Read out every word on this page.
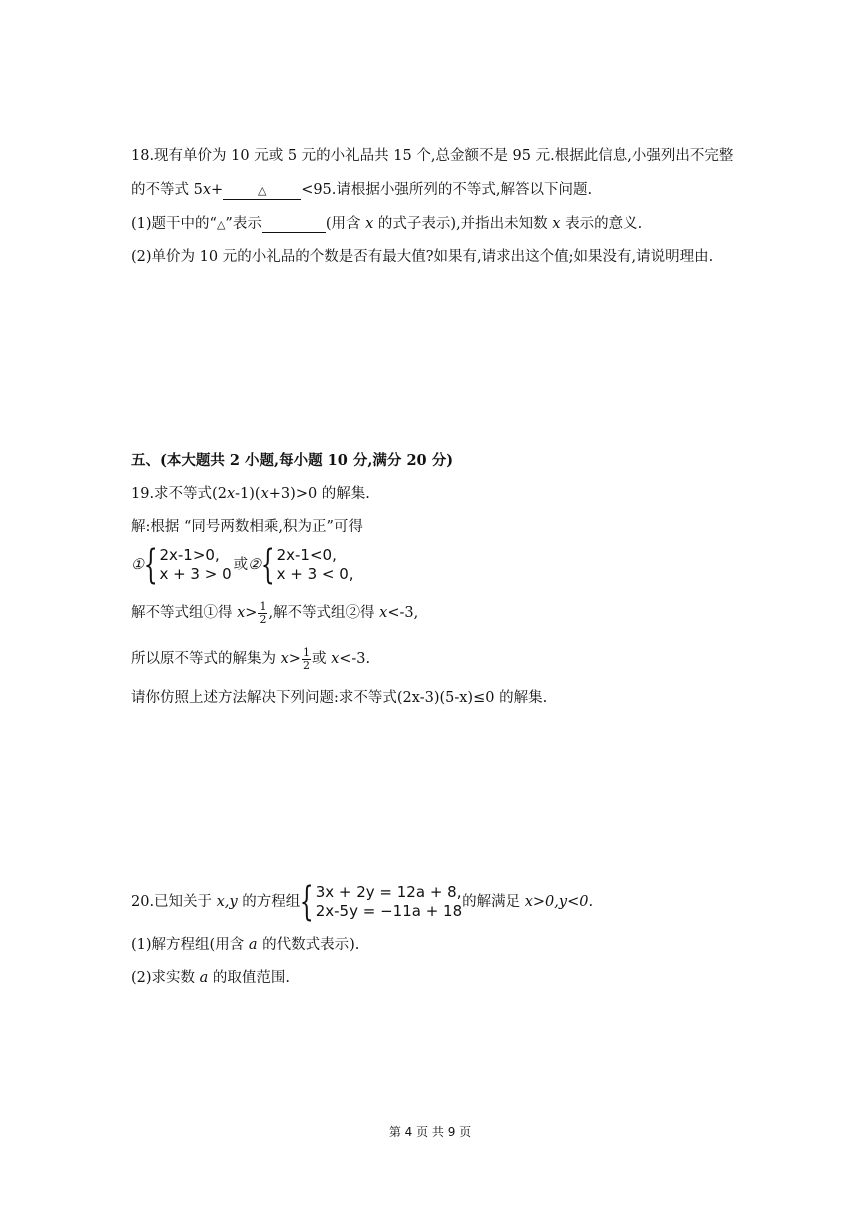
18.现有单价为 10 元或 5 元的小礼品共 15 个,总金额不是 95 元.根据此信息,小强列出不完整
的不等式 5x+	△ <95.请根据小强所列的不等式,解答以下问题.
(1)题干中的“△”表示	(用含 x 的式子表示),并指出未知数 x 表示的意义.
(2)单价为 10 元的小礼品的个数是否有最大值?如果有,请求出这个值;如果没有,请说明理由.
五、(本大题共 2 小题,每小题 10 分,满分 20 分)
19.求不等式(2x-1)(x+3)>0 的解集.
解:根据 “同号两数相乘,积为正”可得
①{ 2x-1>0,
x + 3 > 0 或②{ 2x-1<0,
x + 3 < 0,
解不等式组①得 $x> \frac{1}{2}$ ,解不等式组②得 x<-3,
所以原不等式的解集为 $x> \frac{1}{2}$ 或 x<-3.
请你仿照上述方法解决下列问题:求不等式(2x-3)(5-x)≤0 的解集.
20.已知关于 x,y 的方程组{ 3x + 2y = 12a + 8,
2x-5y = −11a + 18 的解满足 x>0,y<0.
(1)解方程组(用含 a 的代数式表示).
(2)求实数 a 的取值范围.
第 4 页 共 9 页
